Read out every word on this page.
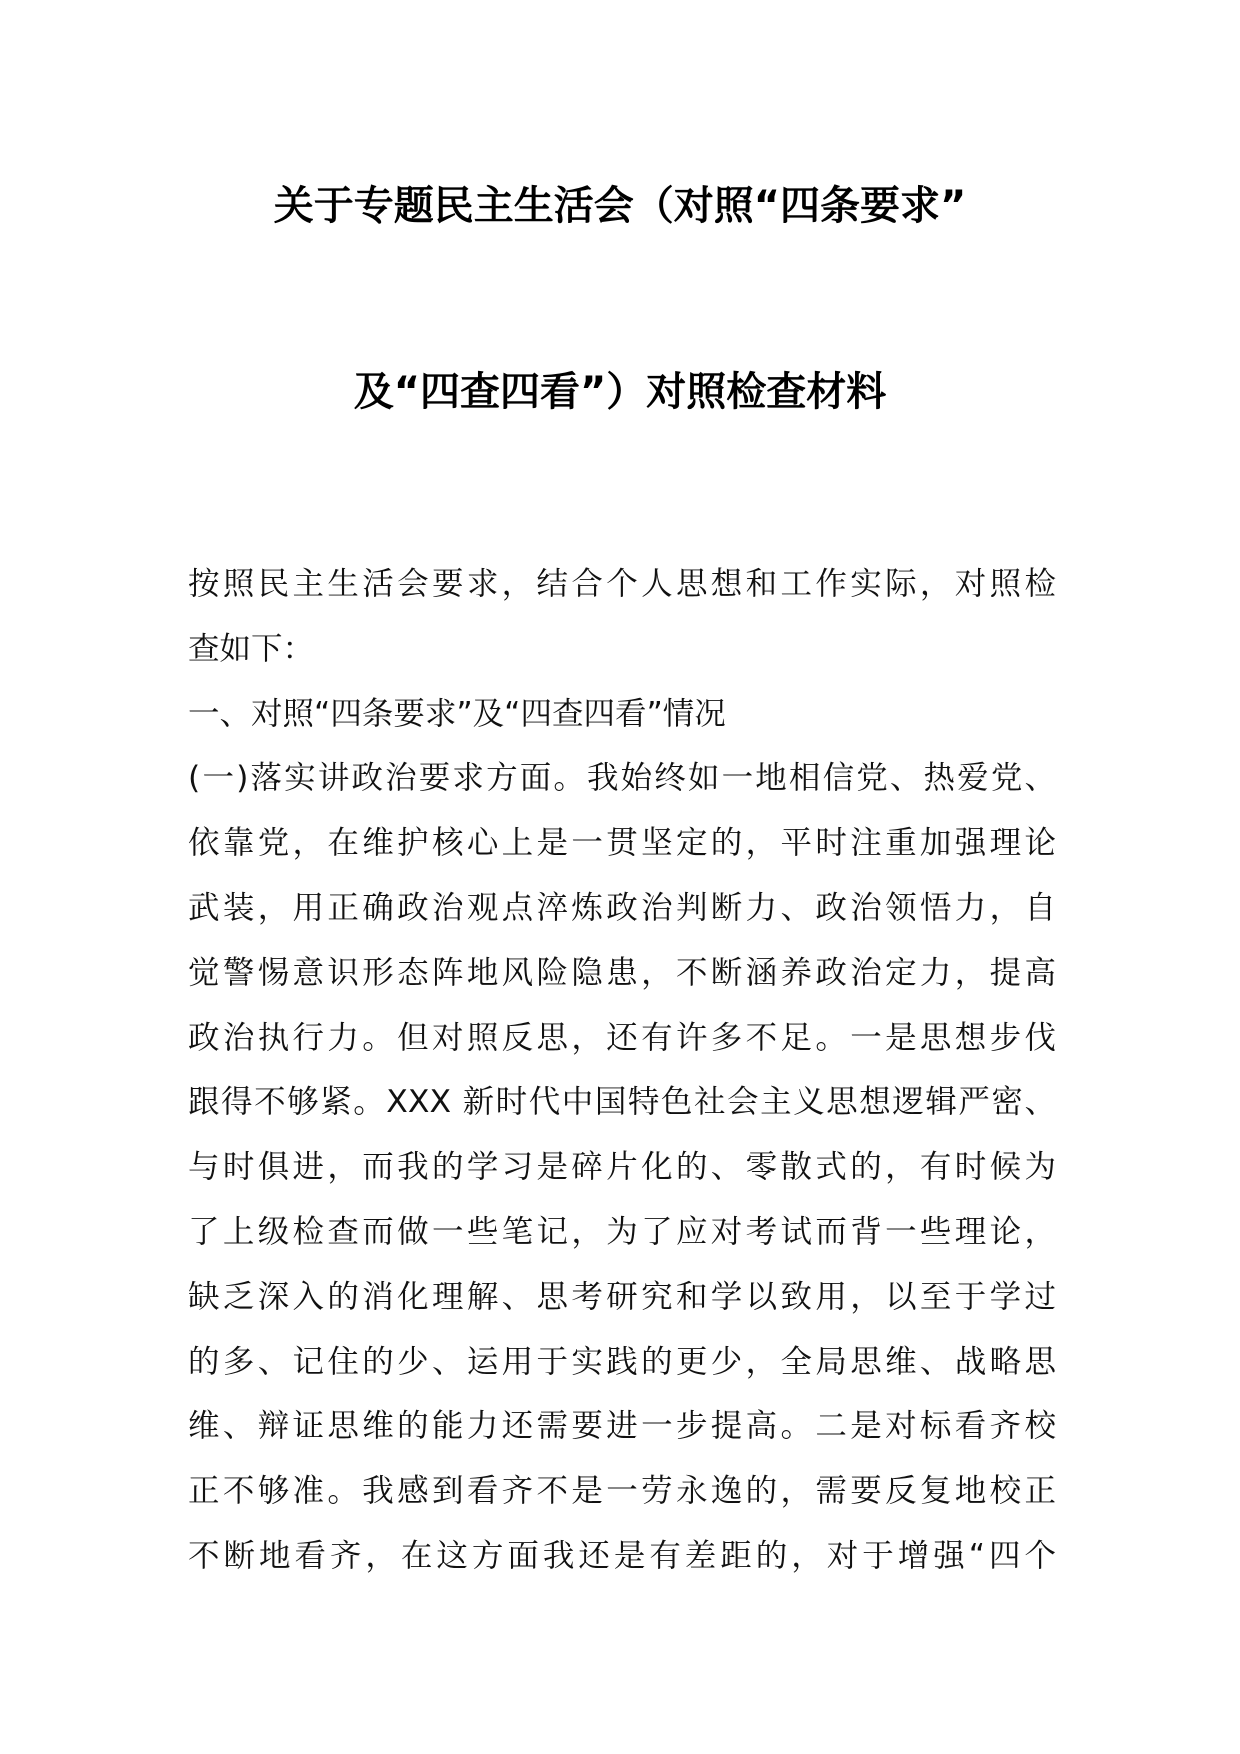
关于专题民主生活会（对照“四条要求”
及“四查四看”）对照检查材料
按照民主生活会要求，结合个人思想和工作实际，对照检
查如下：
一、对照“四条要求”及“四查四看”情况
(一)落实讲政治要求方面。我始终如一地相信党、热爱党、
依靠党，在维护核心上是一贯坚定的，平时注重加强理论
武装，用正确政治观点淬炼政治判断力、政治领悟力，自
觉警惕意识形态阵地风险隐患，不断涵养政治定力，提高
政治执行力。但对照反思，还有许多不足。一是思想步伐
跟得不够紧。XXX 新时代中国特色社会主义思想逻辑严密、
与时俱进，而我的学习是碎片化的、零散式的，有时候为
了上级检查而做一些笔记，为了应对考试而背一些理论，
缺乏深入的消化理解、思考研究和学以致用，以至于学过
的多、记住的少、运用于实践的更少，全局思维、战略思
维、辩证思维的能力还需要进一步提高。二是对标看齐校
正不够准。我感到看齐不是一劳永逸的，需要反复地校正
不断地看齐，在这方面我还是有差距的，对于增强“四个
